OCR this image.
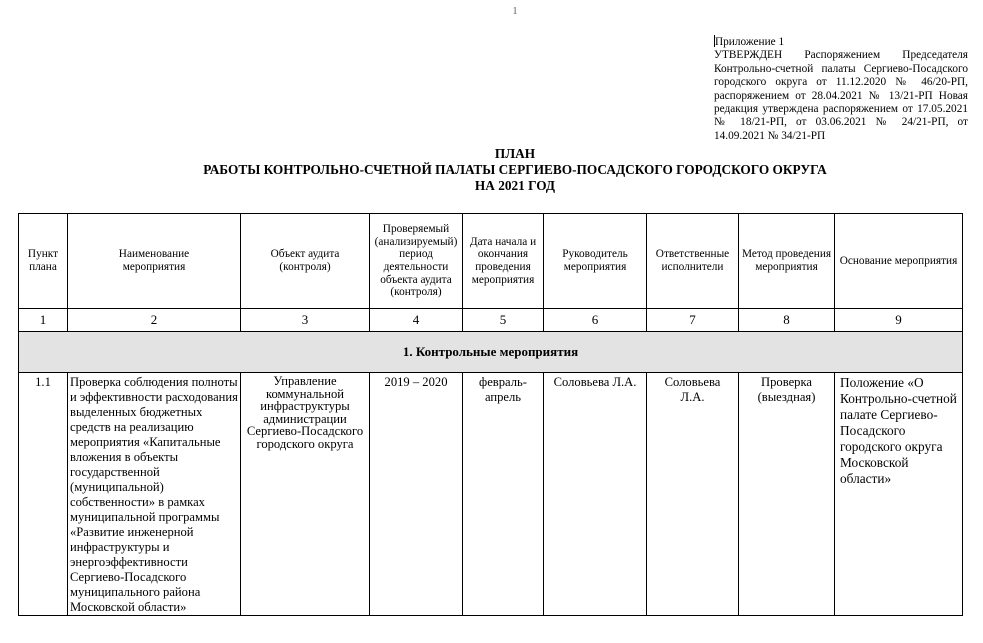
1
Приложение 1
УТВЕРЖДЕН Распоряжением Председателя Контрольно-счетной палаты Сергиево-Посадского городского округа от 11.12.2020 № 46/20-РП, распоряжением от 28.04.2021 № 13/21-РП Новая редакция утверждена распоряжением от 17.05.2021 № 18/21-РП, от 03.06.2021 № 24/21-РП, от 14.09.2021 № 34/21-РП
ПЛАН
РАБОТЫ КОНТРОЛЬНО-СЧЕТНОЙ ПАЛАТЫ СЕРГИЕВО-ПОСАДСКОГО ГОРОДСКОГО ОКРУГА
НА 2021 ГОД
Пункт плана	Наименование мероприятия	Объект аудита (контроля)	Проверяемый (анализируемый) период деятельности объекта аудита (контроля)	Дата начала и окончания проведения мероприятия	Руководитель мероприятия	Ответственные исполнители	Метод проведения мероприятия	Основание мероприятия
1	2	3	4	5	6	7	8	9
1. Контрольные мероприятия								
1.1	Проверка соблюдения полноты и эффективности расходования выделенных бюджетных средств на реализацию мероприятия «Капитальные вложения в объекты государственной (муниципальной) собственности» в рамках муниципальной программы «Развитие инженерной инфраструктуры и энергоэффективности Сергиево-Посадского муниципального района Московской области»	Управление коммунальной инфраструктуры администрации Сергиево-Посадского городского округа	2019 – 2020	февраль-апрель	Соловьева Л.А.	Соловьева Л.А.	Проверка (выездная)	Положение «О Контрольно-счетной палате Сергиево-Посадского городского округа Московской области»
